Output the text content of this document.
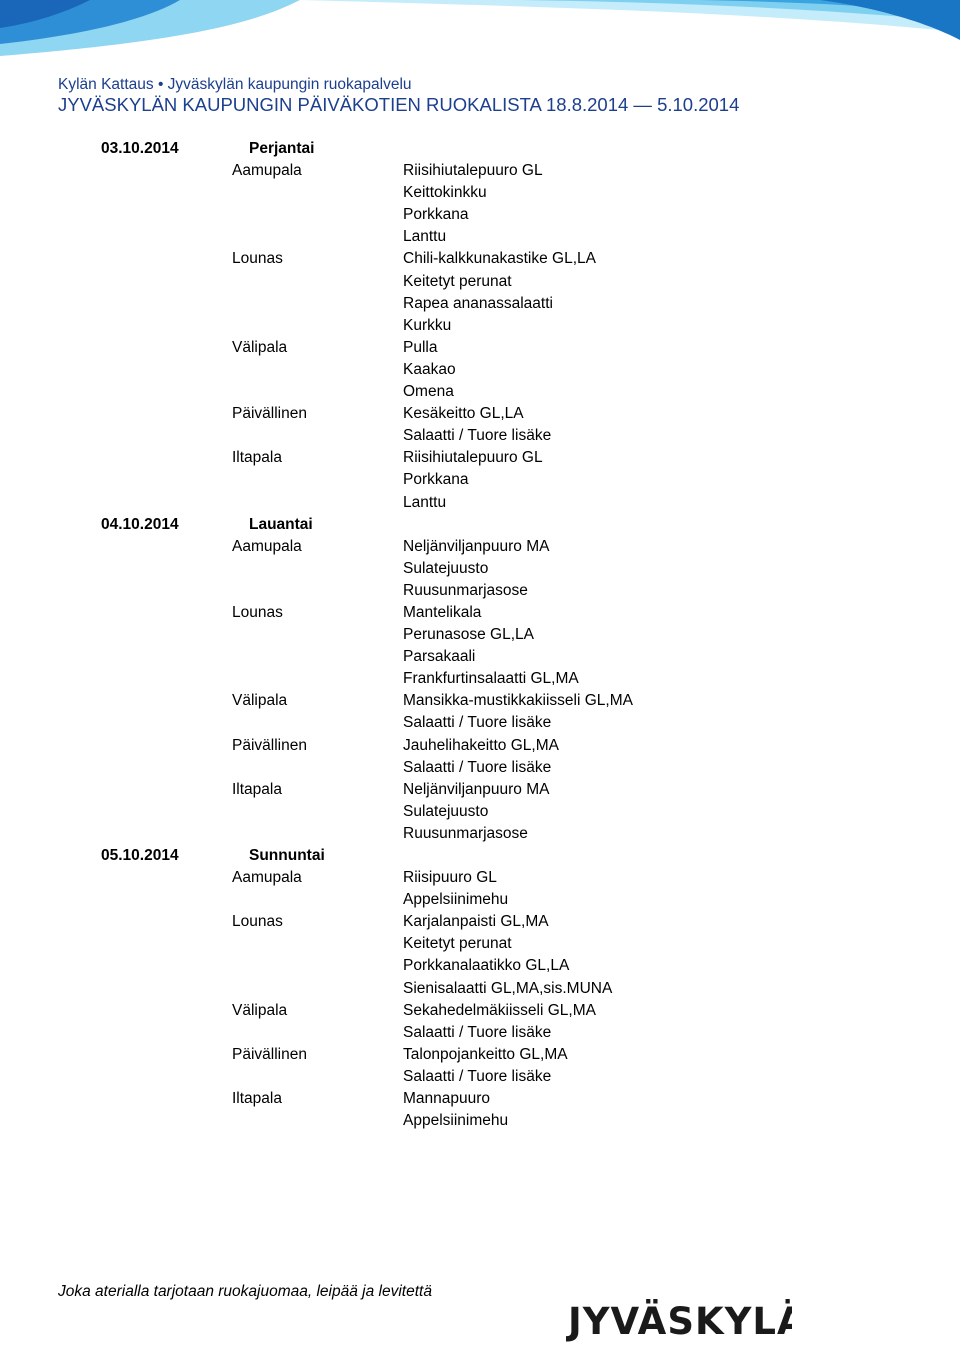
Kylän Kattaus • Jyväskylän kaupungin ruokapalvelu
JYVÄSKYLÄN KAUPUNGIN PÄIVÄKOTIEN RUOKALISTA 18.8.2014 — 5.10.2014
03.10.2014	Perjantai
Aamupala	Riisihiutalepuuro GL
Keittokinkku
Porkkana
Lanttu
Lounas	Chili-kalkkunakastike GL,LA
Keitetyt perunat
Rapea ananassalaatti
Kurkku
Välipala	Pulla
Kaakao
Omena
Päivällinen	Kesäkeitto GL,LA
Salaatti / Tuore lisäke
Iltapala	Riisihiutalepuuro GL
Porkkana
Lanttu
04.10.2014	Lauantai
Aamupala	Neljänviljanpuuro MA
Sulatejuusto
Ruusunmarjasose
Lounas	Mantelikala
Perunasose GL,LA
Parsakaali
Frankfurtinsalaatti GL,MA
Välipala	Mansikka-mustikkakiisseli GL,MA
Salaatti / Tuore lisäke
Päivällinen	Jauhelihakeitto GL,MA
Salaatti / Tuore lisäke
Iltapala	Neljänviljanpuuro MA
Sulatejuusto
Ruusunmarjasose
05.10.2014	Sunnuntai
Aamupala	Riisipuuro GL
Appelsiinimehu
Lounas	Karjalanpaisti GL,MA
Keitetyt perunat
Porkkanalaatikko GL,LA
Sienisalaatti GL,MA,sis.MUNA
Välipala	Sekahedelmäkiisseli GL,MA
Salaatti / Tuore lisäke
Päivällinen	Talonpojankeitto GL,MA
Salaatti / Tuore lisäke
Iltapala	Mannapuuro
Appelsiinimehu
Joka aterialla tarjotaan ruokajuomaa, leipää ja levitettä
JYVÄSKYLÄ
